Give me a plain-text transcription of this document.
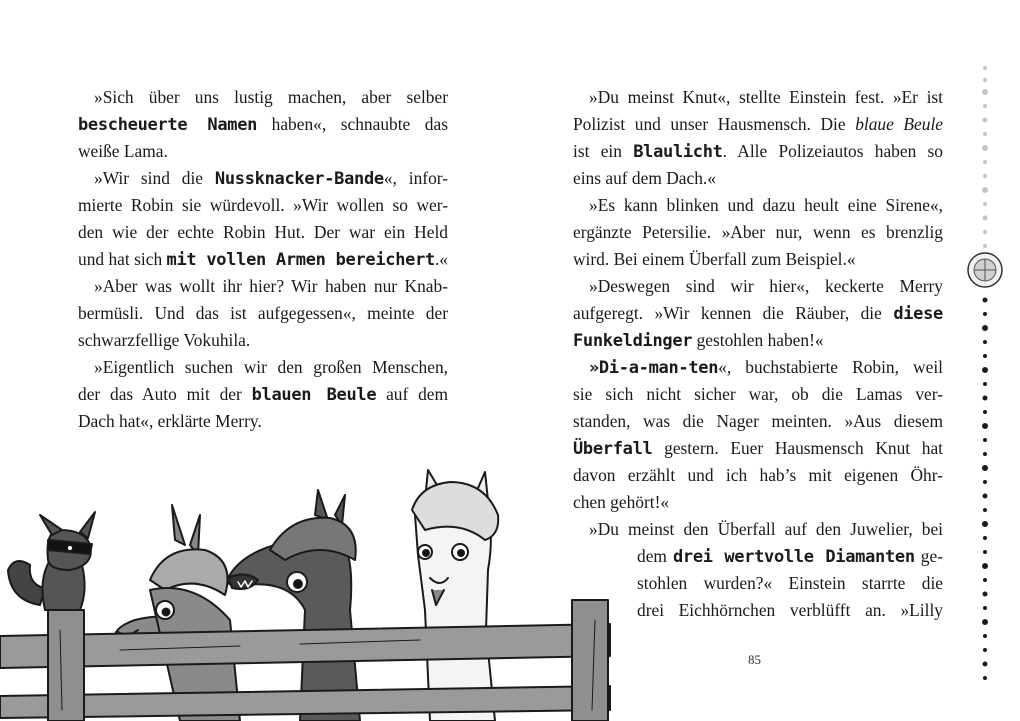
»Sich über uns lustig machen, aber selber
bescheuerte Namen haben«, schnaubte das
weiße Lama.
»Wir sind die Nussknacker-Bande«, infor-
mierte Robin sie würdevoll. »Wir wollen so wer-
den wie der echte Robin Hut. Der war ein Held
und hat sich mit vollen Armen bereichert.«
»Aber was wollt ihr hier? Wir haben nur Knab-
bermüsli. Und das ist aufgegessen«, meinte der
schwarzfellige Vokuhila.
»Eigentlich suchen wir den großen Menschen,
der das Auto mit der blauen Beule auf dem
Dach hat«, erklärte Merry.
»Du meinst Knut«, stellte Einstein fest. »Er ist
Polizist und unser Hausmensch. Die blaue Beule
ist ein Blaulicht. Alle Polizeiautos haben so
eins auf dem Dach.«
»Es kann blinken und dazu heult eine Sirene«,
ergänzte Petersilie. »Aber nur, wenn es brenzlig
wird. Bei einem Überfall zum Beispiel.«
»Deswegen sind wir hier«, keckerte Merry
aufgeregt. »Wir kennen die Räuber, die diese
Funkeldinger gestohlen haben!«
»Di-a-man-ten«, buchstabierte Robin, weil
sie sich nicht sicher war, ob die Lamas ver-
standen, was die Nager meinten. »Aus diesem
Überfall gestern. Euer Hausmensch Knut hat
davon erzählt und ich hab’s mit eigenen Öhr-
chen gehört!«
»Du meinst den Überfall auf den Juwelier, bei
dem drei wertvolle Diamanten ge-
stohlen wurden?« Einstein starrte die
drei Eichhörnchen verblüfft an. »Lilly
85
